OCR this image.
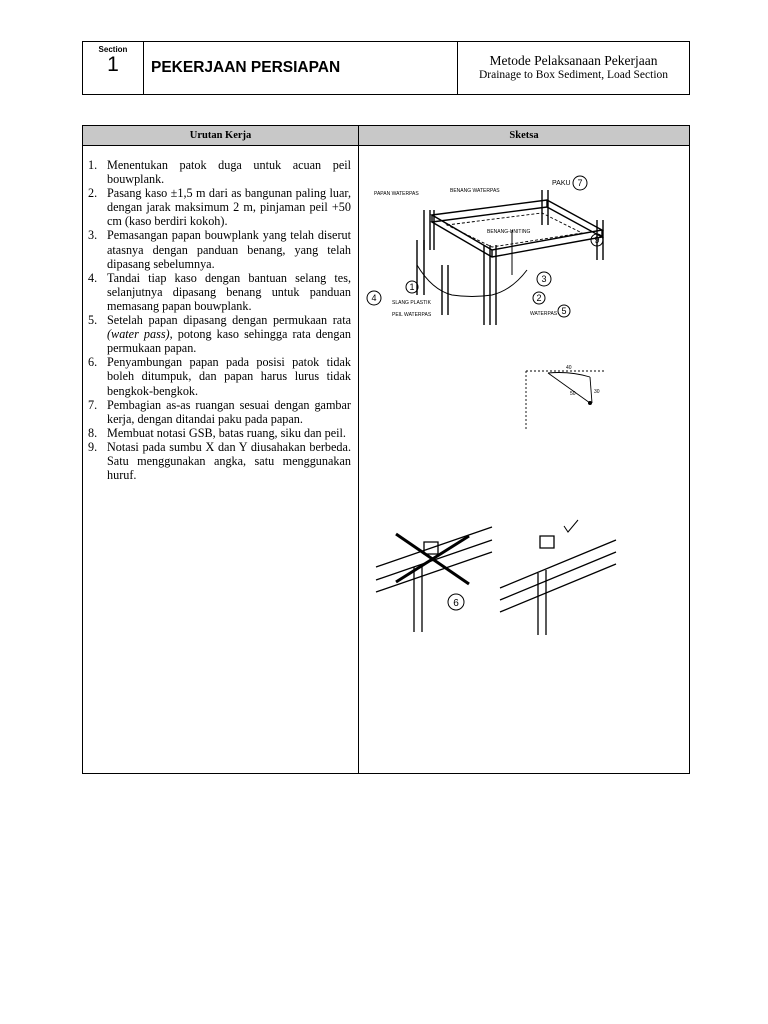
Section
1	PEKERJAAN PERSIAPAN	Metode Pelaksanaan Pekerjaan
Drainage to Box Sediment, Load Section
Urutan Kerja	Sketsa
1. Menentukan patok duga untuk acuan peil bouwplank.
2. Pasang kaso ±1,5 m dari as bangunan paling luar, dengan jarak maksimum 2 m, pinjaman peil +50 cm (kaso berdiri kokoh).
3. Pemasangan papan bouwplank yang telah diserut atasnya dengan panduan benang, yang telah dipasang sebelumnya.
4. Tandai tiap kaso dengan bantuan selang tes, selanjutnya dipasang benang untuk panduan memasang papan bouwplank.
5. Setelah papan dipasang dengan permukaan rata (water pass), potong kaso sehingga rata dengan permukaan papan.
6. Penyambungan papan pada posisi patok tidak boleh ditumpuk, dan papan harus lurus tidak bengkok-bengkok.
7. Pembagian as-as ruangan sesuai dengan gambar kerja, dengan ditandai paku pada papan.
8. Membuat notasi GSB, batas ruang, siku dan peil.
9. Notasi pada sumbu X dan Y diusahakan berbeda. Satu menggunakan angka, satu menggunakan huruf.
PAPAN WATERPAS	BENANG WATERPAS
BENANG-UNITING
SLANG PLASTIK
PEIL WATERPAS	WATERPAS
PAKU 7
9
3
2
5
4
1
40
30
50
6
